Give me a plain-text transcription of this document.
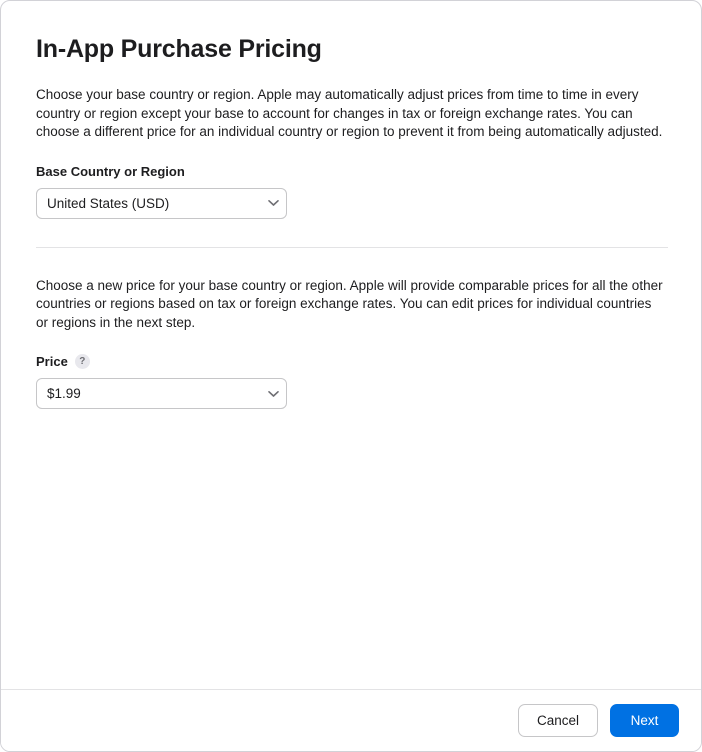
In-App Purchase Pricing

Choose your base country or region. Apple may automatically adjust prices from time to time in every country or region except your base to account for changes in tax or foreign exchange rates. You can choose a different price for an individual country or region to prevent it from being automatically adjusted.

Base Country or Region
United States (USD)

Choose a new price for your base country or region. Apple will provide comparable prices for all the other countries or regions based on tax or foreign exchange rates. You can edit prices for individual countries or regions in the next step.

Price	?
$1.99
Cancel	Next
